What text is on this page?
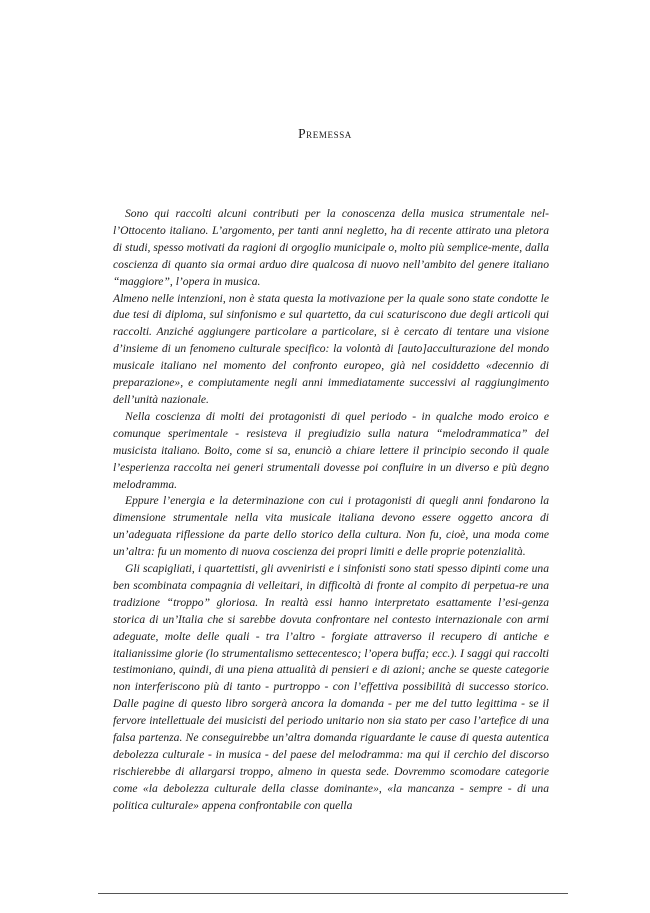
Premessa

Sono qui raccolti alcuni contributi per la conoscenza della musica strumentale nel-l’Ottocento italiano. L’argomento, per tanti anni negletto, ha di recente attirato una pletora di studi, spesso motivati da ragioni di orgoglio municipale o, molto più semplice-mente, dalla coscienza di quanto sia ormai arduo dire qualcosa di nuovo nell’ambito del genere italiano “maggiore”, l’opera in musica.

Almeno nelle intenzioni, non è stata questa la motivazione per la quale sono state condotte le due tesi di diploma, sul sinfonismo e sul quartetto, da cui scaturiscono due degli articoli qui raccolti. Anziché aggiungere particolare a particolare, si è cercato di tentare una visione d’insieme di un fenomeno culturale specifico: la volontà di [auto]acculturazione del mondo musicale italiano nel momento del confronto europeo, già nel cosiddetto «decennio di preparazione», e compiutamente negli anni immediatamente successivi al raggiungimento dell’unità nazionale.

Nella coscienza di molti dei protagonisti di quel periodo - in qualche modo eroico e comunque sperimentale - resisteva il pregiudizio sulla natura “melodrammatica” del musicista italiano. Boito, come si sa, enunciò a chiare lettere il principio secondo il quale l’esperienza raccolta nei generi strumentali dovesse poi confluire in un diverso e più degno melodramma.

Eppure l’energia e la determinazione con cui i protagonisti di quegli anni fondarono la dimensione strumentale nella vita musicale italiana devono essere oggetto ancora di un’adeguata riflessione da parte dello storico della cultura. Non fu, cioè, una moda come un’altra: fu un momento di nuova coscienza dei propri limiti e delle proprie potenzialità.

Gli scapigliati, i quartettisti, gli avveniristi e i sinfonisti sono stati spesso dipinti come una ben scombinata compagnia di velleitari, in difficoltà di fronte al compito di perpetua-re una tradizione “troppo” gloriosa. In realtà essi hanno interpretato esattamente l’esi-genza storica di un’Italia che si sarebbe dovuta confrontare nel contesto internazionale con armi adeguate, molte delle quali - tra l’altro - forgiate attraverso il recupero di antiche e italianissime glorie (lo strumentalismo settecentesco; l’opera buffa; ecc.). I saggi qui raccolti testimoniano, quindi, di una piena attualità di pensieri e di azioni; anche se queste categorie non interferiscono più di tanto - purtroppo - con l’effettiva possibilità di successo storico. Dalle pagine di questo libro sorgerà ancora la domanda - per me del tutto legittima - se il fervore intellettuale dei musicisti del periodo unitario non sia stato per caso l’artefice di una falsa partenza. Ne conseguirebbe un’altra domanda riguardante le cause di questa autentica debolezza culturale - in musica - del paese del melodramma: ma qui il cerchio del discorso rischierebbe di allargarsi troppo, almeno in questa sede. Dovremmo scomodare categorie come «la debolezza culturale della classe dominante», «la mancanza - sempre - di una politica culturale» appena confrontabile con quella
